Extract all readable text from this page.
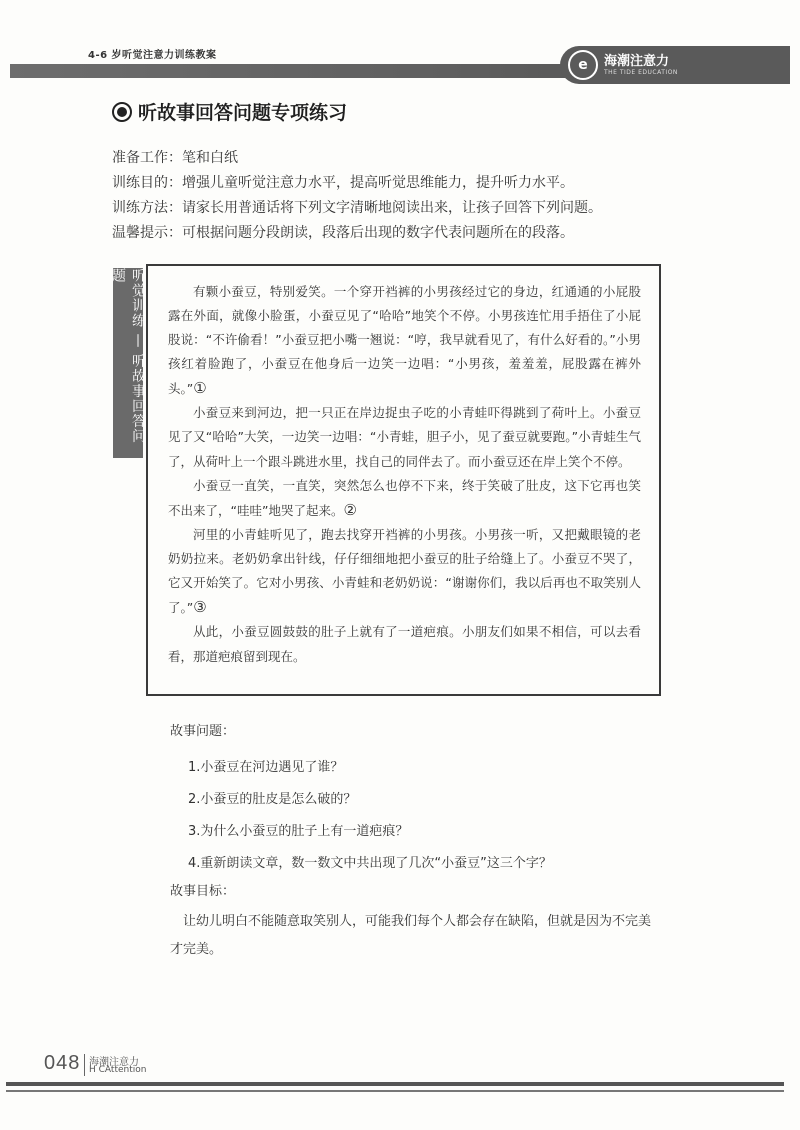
4-6 岁听觉注意力训练教案
e	海潮注意力
THE TIDE EDUCATION
听故事回答问题专项练习
准备工作：笔和白纸
训练目的：增强儿童听觉注意力水平，提高听觉思维能力，提升听力水平。
训练方法：请家长用普通话将下列文字清晰地阅读出来，让孩子回答下列问题。
温馨提示：可根据问题分段朗读，段落后出现的数字代表问题所在的段落。
听觉训练 — 听故事回答问题

有颗小蚕豆，特别爱笑。一个穿开裆裤的小男孩经过它的身边，红通通的小屁股露在外面，就像小脸蛋，小蚕豆见了“哈哈”地笑个不停。小男孩连忙用手捂住了小屁股说：“不许偷看！”小蚕豆把小嘴一翘说：“哼，我早就看见了，有什么好看的。”小男孩红着脸跑了，小蚕豆在他身后一边笑一边唱：“小男孩，羞羞羞，屁股露在裤外头。”①

小蚕豆来到河边，把一只正在岸边捉虫子吃的小青蛙吓得跳到了荷叶上。小蚕豆见了又“哈哈”大笑，一边笑一边唱：“小青蛙，胆子小，见了蚕豆就要跑。”小青蛙生气了，从荷叶上一个跟斗跳进水里，找自己的同伴去了。而小蚕豆还在岸上笑个不停。

小蚕豆一直笑，一直笑，突然怎么也停不下来，终于笑破了肚皮，这下它再也笑不出来了，“哇哇”地哭了起来。②

河里的小青蛙听见了，跑去找穿开裆裤的小男孩。小男孩一听，又把戴眼镜的老奶奶拉来。老奶奶拿出针线，仔仔细细地把小蚕豆的肚子给缝上了。小蚕豆不哭了，它又开始笑了。它对小男孩、小青蛙和老奶奶说：“谢谢你们，我以后再也不取笑别人了。”③

从此，小蚕豆圆鼓鼓的肚子上就有了一道疤痕。小朋友们如果不相信，可以去看看，那道疤痕留到现在。

故事问题：
1.小蚕豆在河边遇见了谁？
2.小蚕豆的肚皮是怎么破的？
3.为什么小蚕豆的肚子上有一道疤痕？
4.重新朗读文章，数一数文中共出现了几次“小蚕豆”这三个字？
故事目标：
让幼儿明白不能随意取笑别人，可能我们每个人都会存在缺陷，但就是因为不完美才完美。
048 海潮注意力
H CAttention
